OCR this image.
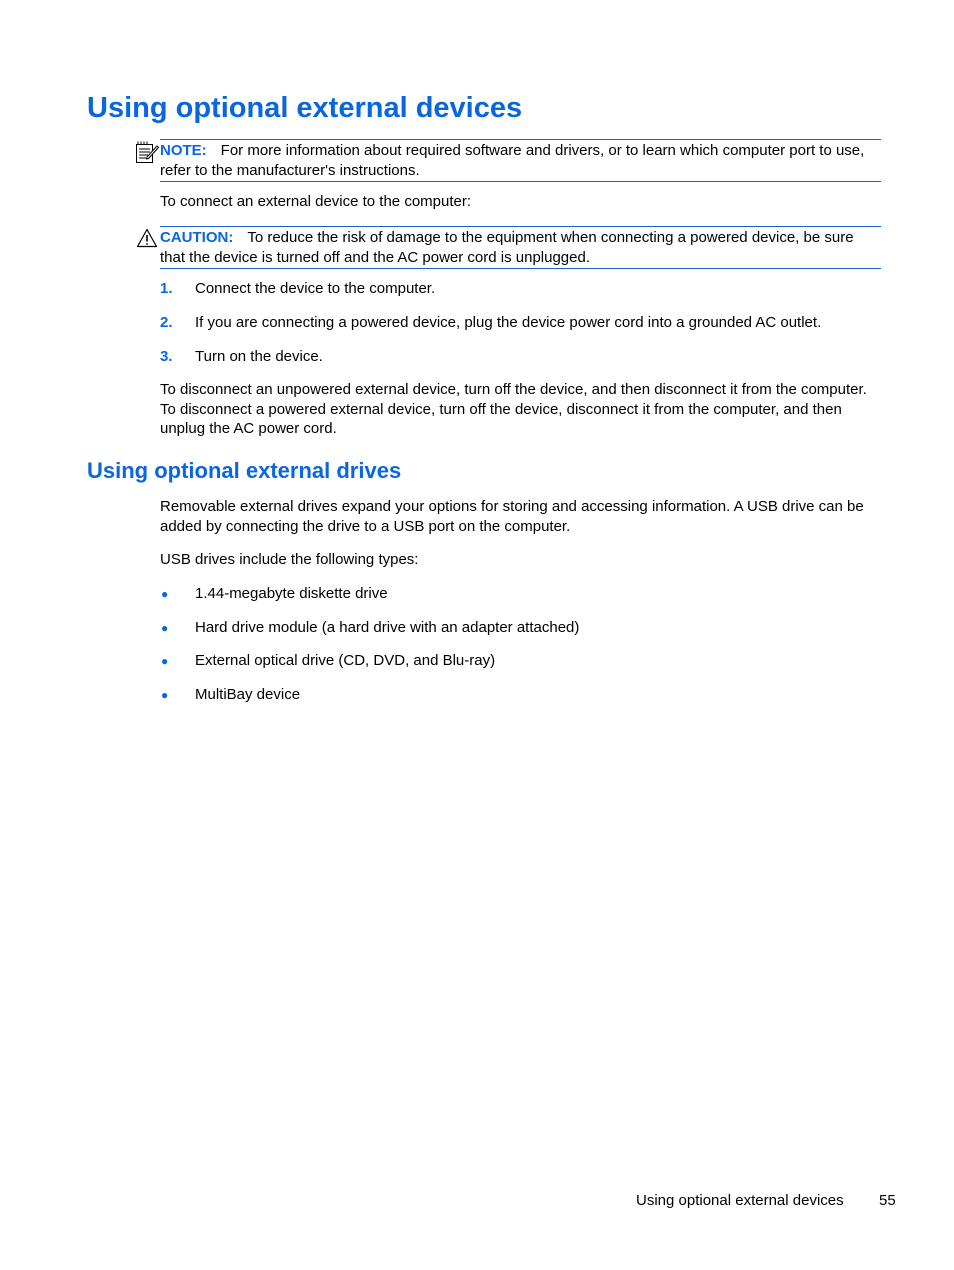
Using optional external devices
NOTE: For more information about required software and drivers, or to learn which computer port to use, refer to the manufacturer's instructions.

To connect an external device to the computer:

CAUTION: To reduce the risk of damage to the equipment when connecting a powered device, be sure that the device is turned off and the AC power cord is unplugged.
1. Connect the device to the computer.
2. If you are connecting a powered device, plug the device power cord into a grounded AC outlet.
3. Turn on the device.

To disconnect an unpowered external device, turn off the device, and then disconnect it from the computer. To disconnect a powered external device, turn off the device, disconnect it from the computer, and then unplug the AC power cord.

Using optional external drives

Removable external drives expand your options for storing and accessing information. A USB drive can be added by connecting the drive to a USB port on the computer.

USB drives include the following types:

● 1.44-megabyte diskette drive
● Hard drive module (a hard drive with an adapter attached)
● External optical drive (CD, DVD, and Blu-ray)
● MultiBay device
Using optional external devices 55
